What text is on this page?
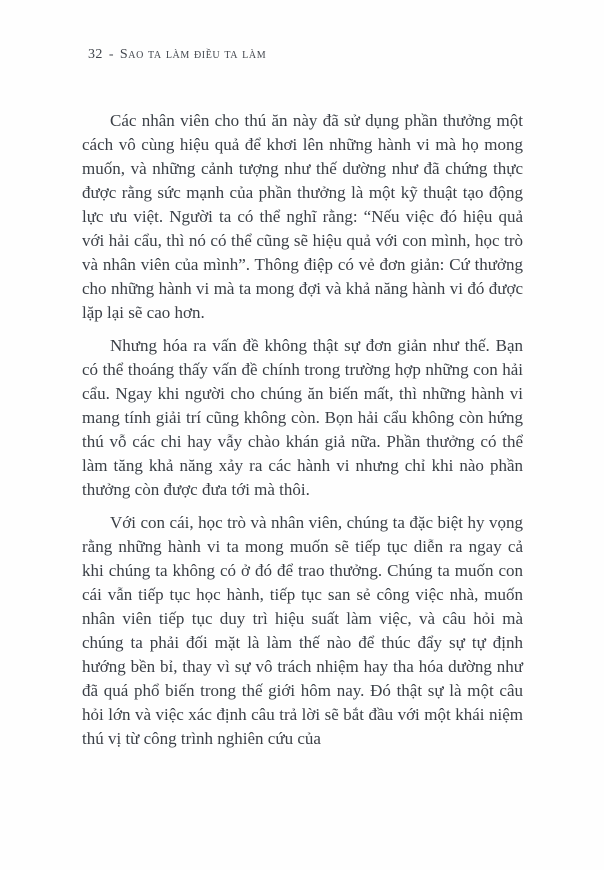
32 - Sao ta làm điều ta làm

Các nhân viên cho thú ăn này đã sử dụng phần thưởng một cách vô cùng hiệu quả để khơi lên những hành vi mà họ mong muốn, và những cảnh tượng như thế dường như đã chứng thực được rằng sức mạnh của phần thưởng là một kỹ thuật tạo động lực ưu việt. Người ta có thể nghĩ rằng: “Nếu việc đó hiệu quả với hải cẩu, thì nó có thể cũng sẽ hiệu quả với con mình, học trò và nhân viên của mình”. Thông điệp có vẻ đơn giản: Cứ thưởng cho những hành vi mà ta mong đợi và khả năng hành vi đó được lặp lại sẽ cao hơn.

Nhưng hóa ra vấn đề không thật sự đơn giản như thế. Bạn có thể thoáng thấy vấn đề chính trong trường hợp những con hải cẩu. Ngay khi người cho chúng ăn biến mất, thì những hành vi mang tính giải trí cũng không còn. Bọn hải cẩu không còn hứng thú vỗ các chi hay vẫy chào khán giả nữa. Phần thưởng có thể làm tăng khả năng xảy ra các hành vi nhưng chỉ khi nào phần thưởng còn được đưa tới mà thôi.

Với con cái, học trò và nhân viên, chúng ta đặc biệt hy vọng rằng những hành vi ta mong muốn sẽ tiếp tục diễn ra ngay cả khi chúng ta không có ở đó để trao thưởng. Chúng ta muốn con cái vẫn tiếp tục học hành, tiếp tục san sẻ công việc nhà, muốn nhân viên tiếp tục duy trì hiệu suất làm việc, và câu hỏi mà chúng ta phải đối mặt là làm thế nào để thúc đẩy sự tự định hướng bền bỉ, thay vì sự vô trách nhiệm hay tha hóa dường như đã quá phổ biến trong thế giới hôm nay. Đó thật sự là một câu hỏi lớn và việc xác định câu trả lời sẽ bắt đầu với một khái niệm thú vị từ công trình nghiên cứu của
